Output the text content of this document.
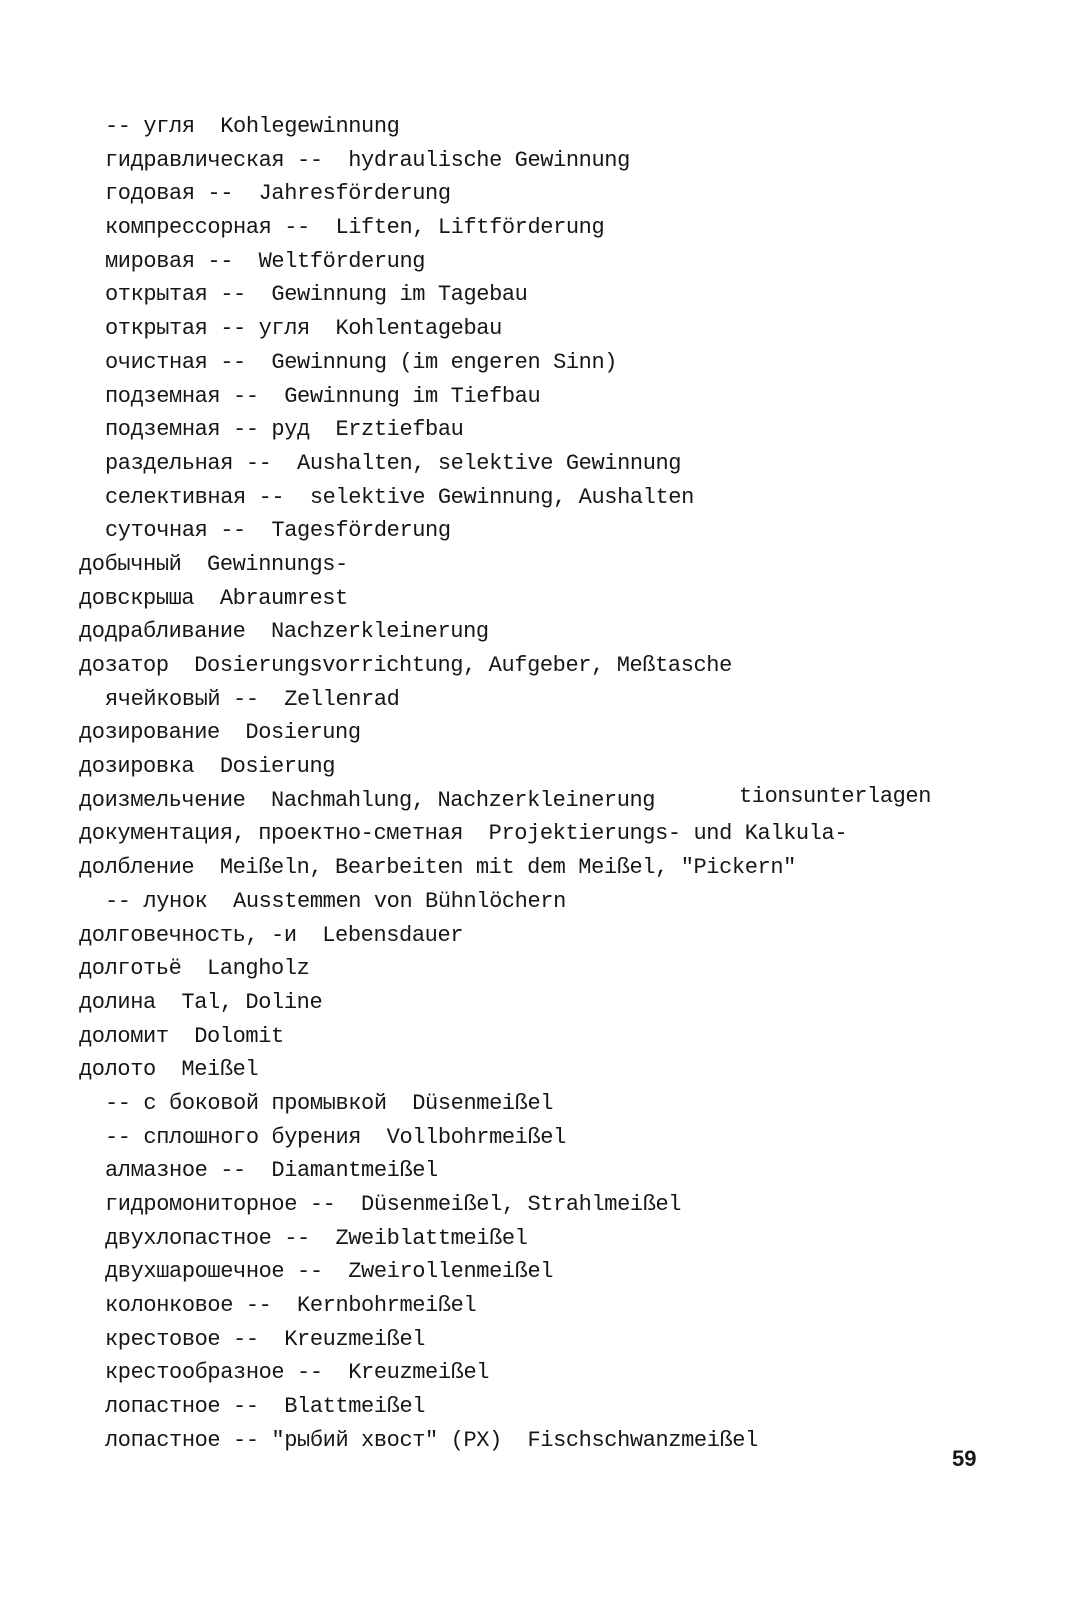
-- угля  Kohlegewinnung
гидравлическая --  hydraulische Gewinnung
годовая --  Jahresförderung
компрессорная --  Liften, Liftförderung
мировая --  Weltförderung
открытая --  Gewinnung im Tagebau
открытая -- угля  Kohlentagebau
очистная --  Gewinnung (im engeren Sinn)
подземная --  Gewinnung im Tiefbau
подземная -- руд  Erztiefbau
раздельная --  Aushalten, selektive Gewinnung
селективная --  selektive Gewinnung, Aushalten
суточная --  Tagesförderung
добычный  Gewinnungs-
довскрыша  Abraumrest
додрабливание  Nachzerkleinerung
дозатор  Dosierungsvorrichtung, Aufgeber, Meßtasche
ячейковый --  Zellenrad
дозирование  Dosierung
дозировка  Dosierung
доизмельчение  Nachmahlung, Nachzerkleinerung
документация, проектно-сметная  Projektierungs- und Kalkula-
долбление  Meißeln, Bearbeiten mit dem Meißel, "Pickern"
-- лунок  Ausstemmen von Bühnlöchern
долговечность, -и  Lebensdauer
долготьё  Langholz
долина  Tal, Doline
доломит  Dolomit
долото  Meißel
-- с боковой промывкой  Düsenmeißel
-- сплошного бурения  Vollbohrmeißel
алмазное --  Diamantmeißel
гидромониторное --  Düsenmeißel, Strahlmeißel
двухлопастное --  Zweiblattmeißel
двухшарошечное --  Zweirollenmeißel
колонковое --  Kernbohrmeißel
крестовое --  Kreuzmeißel
крестообразное --  Kreuzmeißel
лопастное --  Blattmeißel
лопастное -- "рыбий хвост" (РХ)  Fischschwanzmeißel
tionsunterlagen
59
